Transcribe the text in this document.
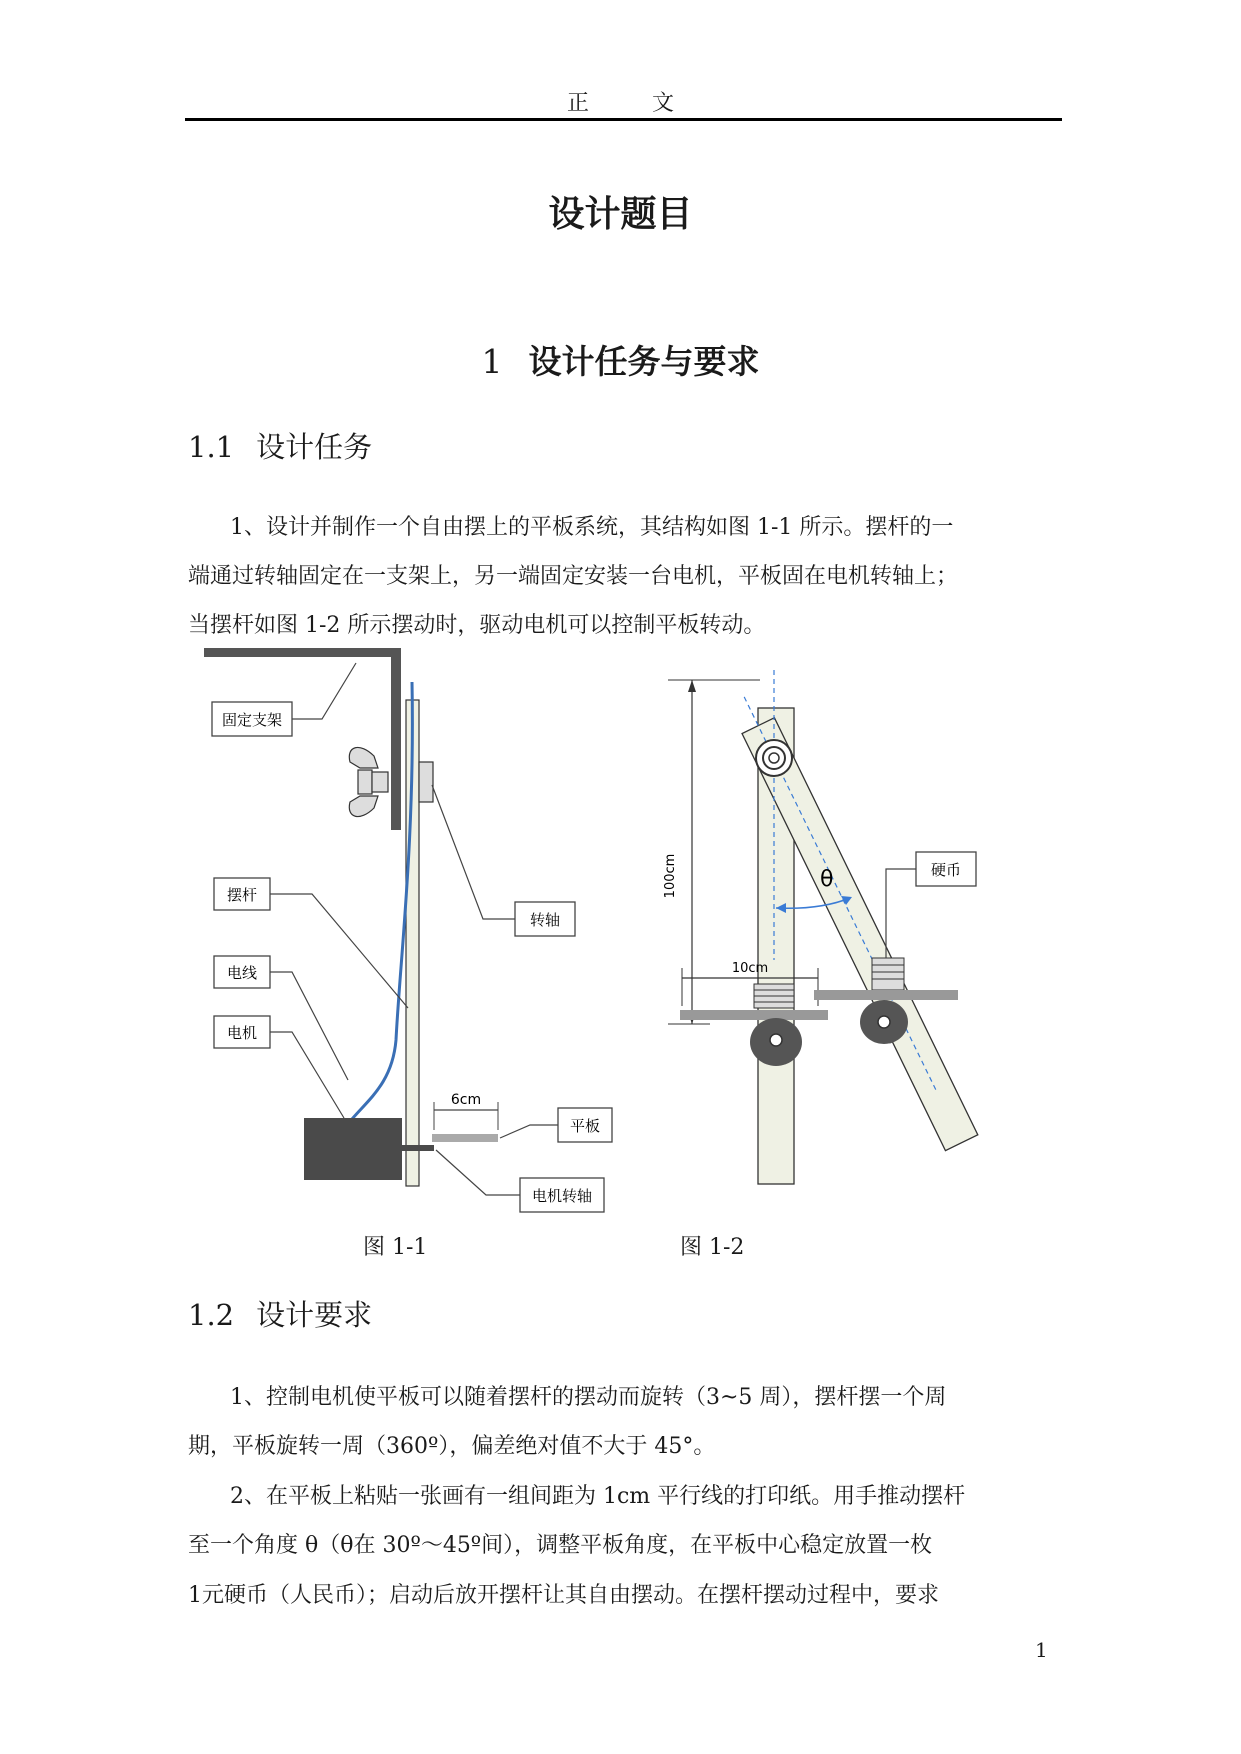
正	文
设计题目
1 设计任务与要求
1.1 设计任务
1、设计并制作一个自由摆上的平板系统，其结构如图 1-1 所示。摆杆的一
端通过转轴固定在一支架上，另一端固定安装一台电机，平板固在电机转轴上；
当摆杆如图 1-2 所示摆动时，驱动电机可以控制平板转动。
固定支架
转轴
摆杆
电线
电机
6cm
平板
电机转轴
θ
100cm
10cm
硬币
图 1-1	图 1-2
1.2 设计要求
1、控制电机使平板可以随着摆杆的摆动而旋转（3~5 周），摆杆摆一个周
期，平板旋转一周（360º），偏差绝对值不大于 45°。
2、在平板上粘贴一张画有一组间距为 1cm 平行线的打印纸。用手推动摆杆
至一个角度 θ（θ在 30º～45º间），调整平板角度，在平板中心稳定放置一枚
1元硬币（人民币）；启动后放开摆杆让其自由摆动。在摆杆摆动过程中，要求
1
